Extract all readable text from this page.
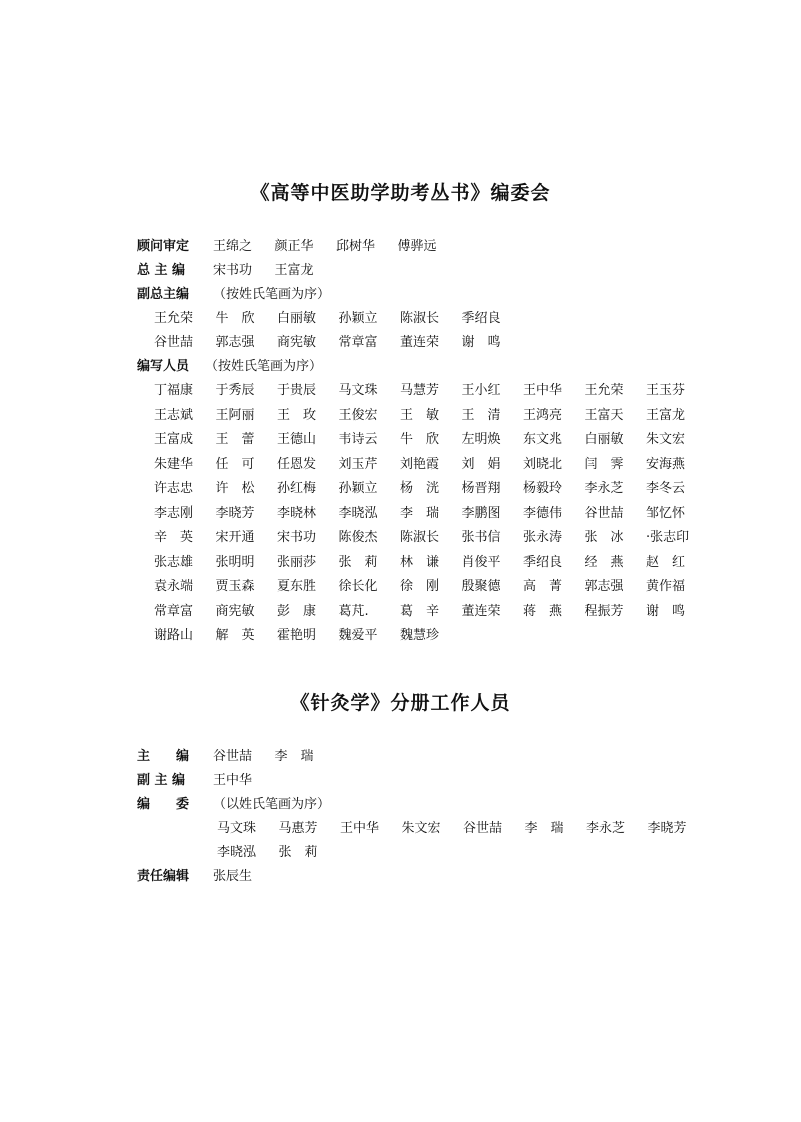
《高等中医助学助考丛书》编委会
顾问审定	王绵之	颜正华	邱树华	傅骅远
总 主 编	宋书功	王富龙
副总主编	（按姓氏笔画为序）
王允荣	牛　欣	白丽敏	孙颖立	陈淑长	季绍良
谷世喆	郭志强	商宪敏	常章富	董连荣	谢　鸣
编写人员	（按姓氏笔画为序）
丁福康	于秀辰	于贵辰	马文珠	马慧芳	王小红	王中华	王允荣	王玉芬
王志斌	王阿丽	王　玫	王俊宏	王　敏	王　清	王鸿亮	王富天	王富龙
王富成	王　蕾	王德山	韦诗云	牛　欣	左明焕	东文兆	白丽敏	朱文宏
朱建华	任　可	任恩发	刘玉芹	刘艳霞	刘　娟	刘晓北	闫　霁	安海燕
许志忠	许　松	孙红梅	孙颖立	杨　洸	杨晋翔	杨毅玲	李永芝	李冬云
李志刚	李晓芳	李晓林	李晓泓	李　瑞	李鹏图	李德伟	谷世喆	邹忆怀
辛　英	宋开通	宋书功	陈俊杰	陈淑长	张书信	张永涛	张　冰	·张志印
张志雄	张明明	张丽莎	张　莉	林　谦	肖俊平	季绍良	经　燕	赵　红
袁永端	贾玉森	夏东胜	徐长化	徐　刚	殷聚德	高　菁	郭志强	黄作福
常章富	商宪敏	彭　康	葛芃.	葛　辛	董连荣	蒋　燕	程振芳	谢　鸣
谢路山	解　英	霍艳明	魏爱平	魏慧珍
《针灸学》分册工作人员
主　　编	谷世喆	李　瑞
副 主 编	王中华
编　　委	（以姓氏笔画为序）
马文珠	马惠芳	王中华	朱文宏	谷世喆	李　瑞	李永芝	李晓芳
李晓泓	张　莉
责任编辑	张辰生
